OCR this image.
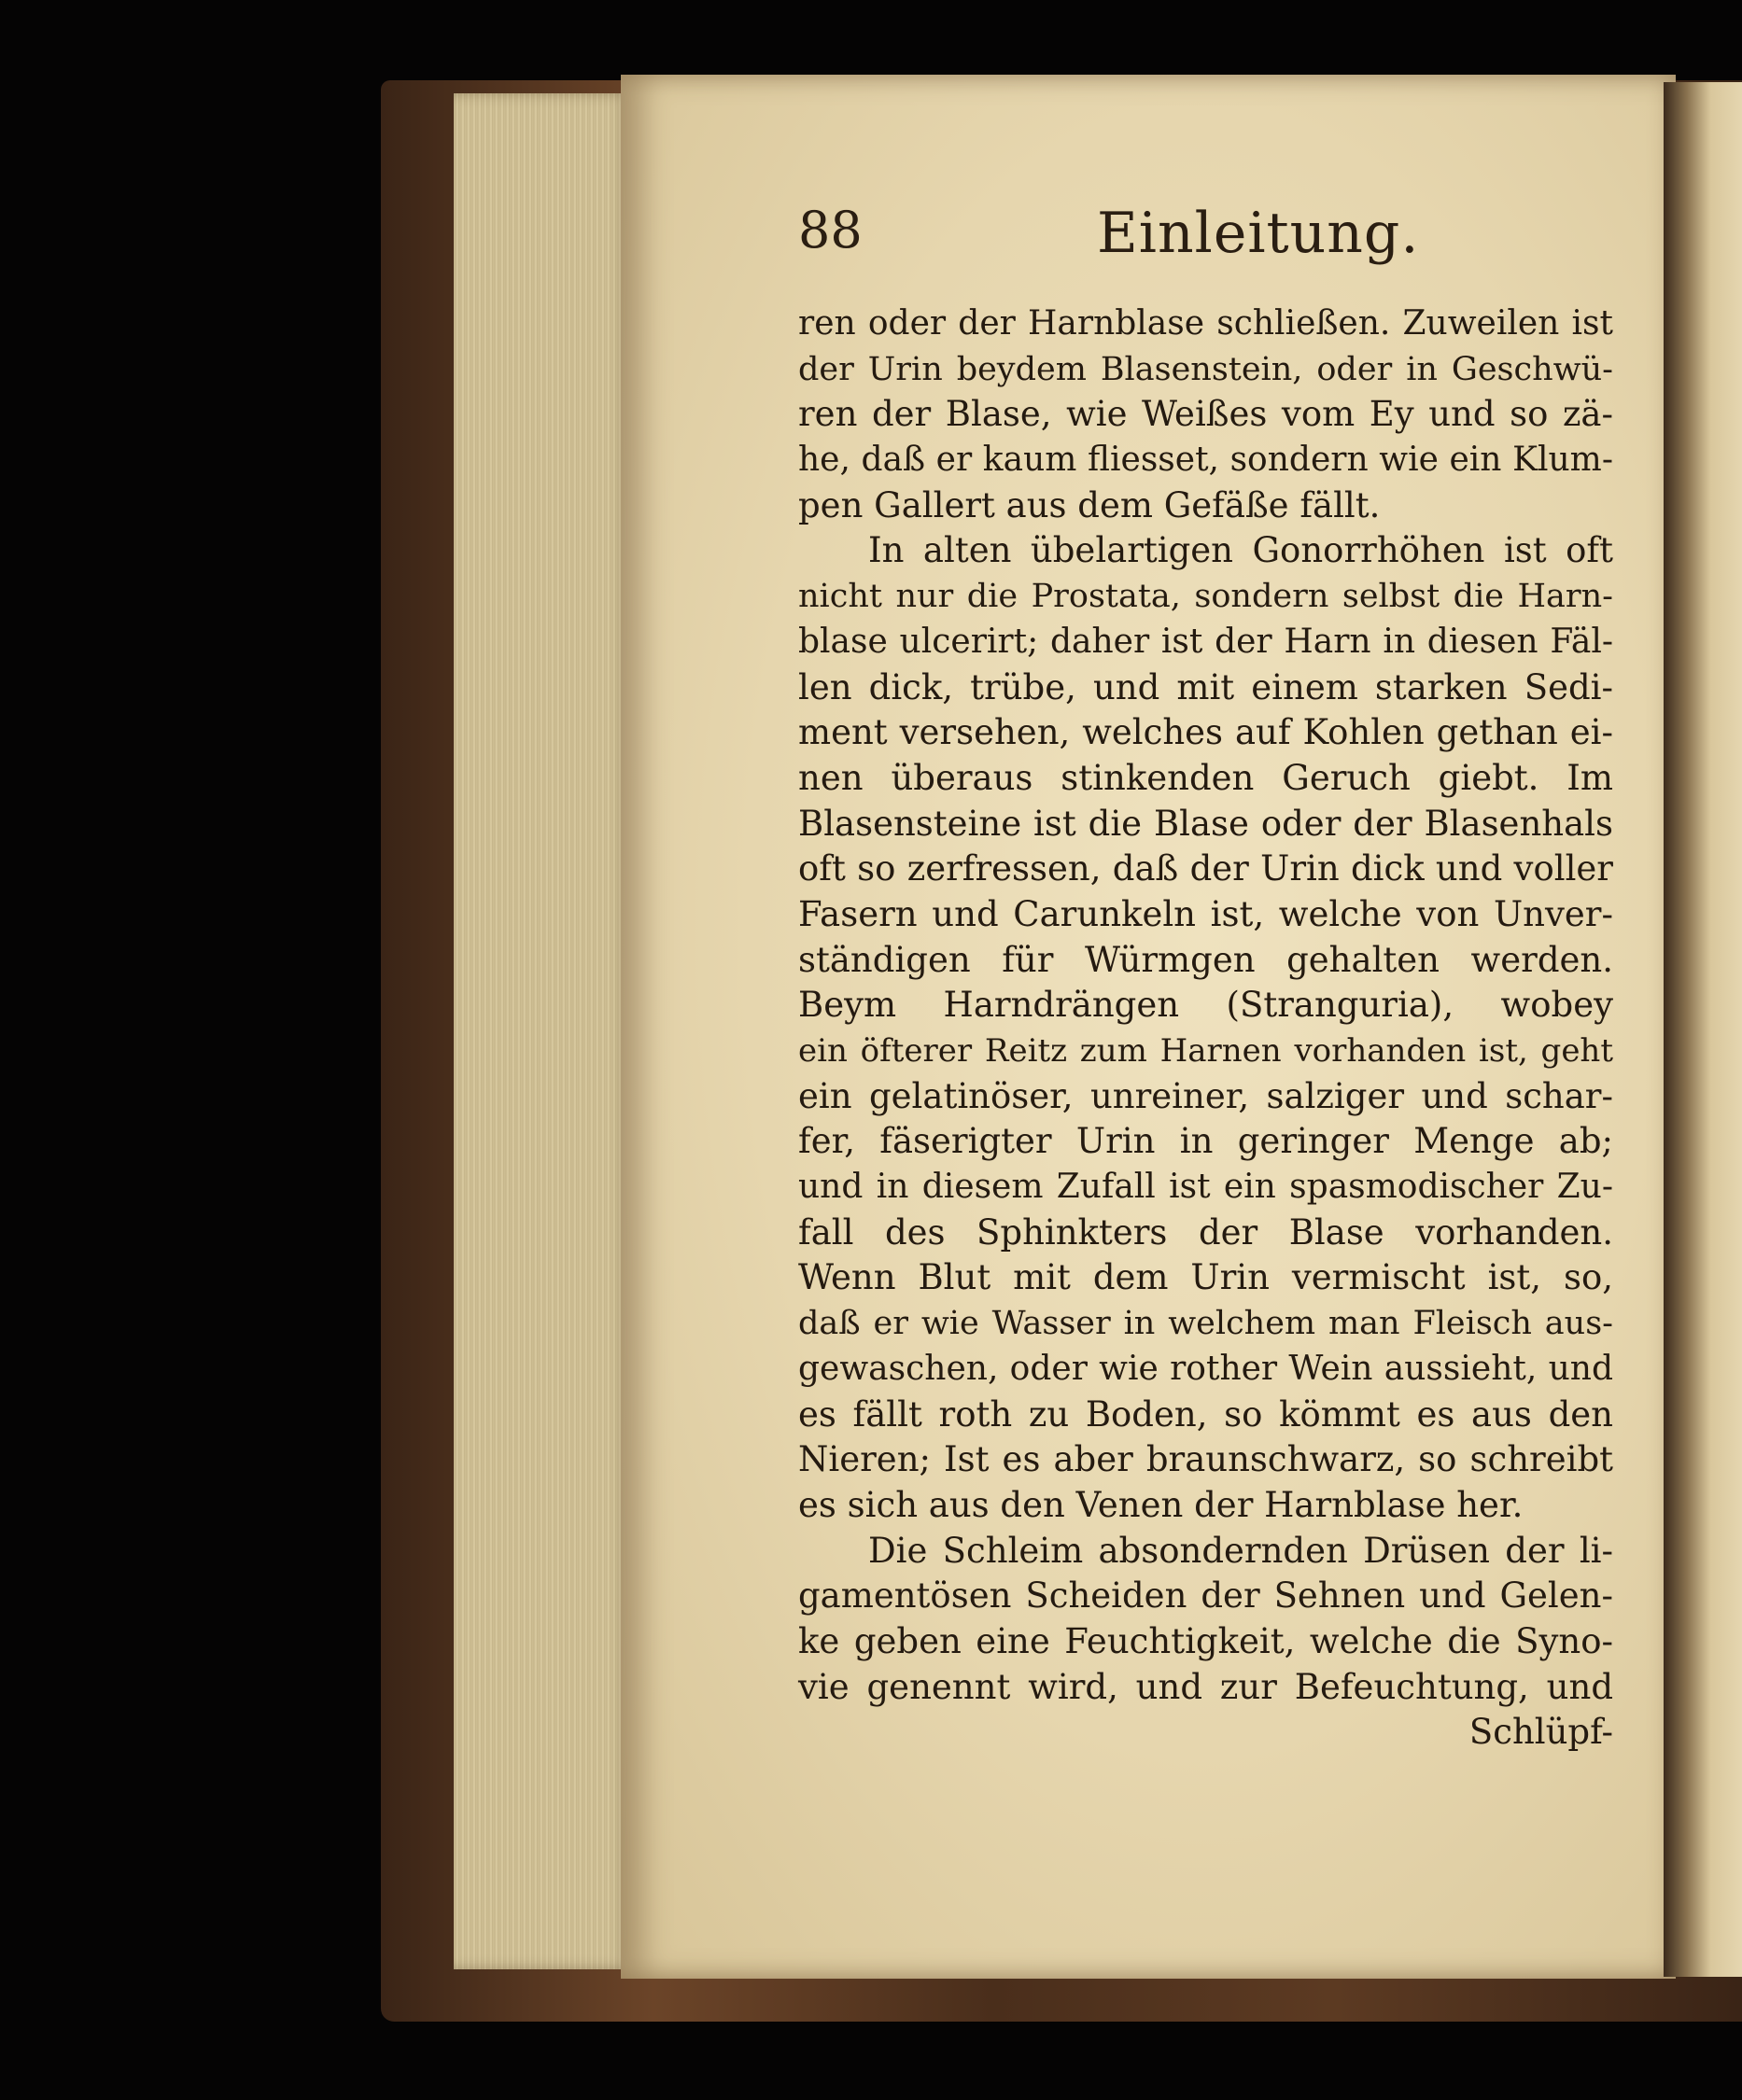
88	Einleitung.
ren oder der Harnblase schließen. Zuweilen ist
der Urin beydem Blasenstein, oder in Geschwü-
ren der Blase, wie Weißes vom Ey und so zä-
he, daß er kaum fliesset, sondern wie ein Klum-
pen Gallert aus dem Gefäße fällt.
In alten übelartigen Gonorrhöhen ist oft
nicht nur die Prostata, sondern selbst die Harn-
blase ulcerirt; daher ist der Harn in diesen Fäl-
len dick, trübe, und mit einem starken Sedi-
ment versehen, welches auf Kohlen gethan ei-
nen überaus stinkenden Geruch giebt. Im
Blasensteine ist die Blase oder der Blasenhals
oft so zerfressen, daß der Urin dick und voller
Fasern und Carunkeln ist, welche von Unver-
ständigen für Würmgen gehalten werden.
Beym Harndrängen (Stranguria), wobey
ein öfterer Reitz zum Harnen vorhanden ist, geht
ein gelatinöser, unreiner, salziger und schar-
fer, fäserigter Urin in geringer Menge ab;
und in diesem Zufall ist ein spasmodischer Zu-
fall des Sphinkters der Blase vorhanden.
Wenn Blut mit dem Urin vermischt ist, so,
daß er wie Wasser in welchem man Fleisch aus-
gewaschen, oder wie rother Wein aussieht, und
es fällt roth zu Boden, so kömmt es aus den
Nieren; Ist es aber braunschwarz, so schreibt
es sich aus den Venen der Harnblase her.
Die Schleim absondernden Drüsen der li-
gamentösen Scheiden der Sehnen und Gelen-
ke geben eine Feuchtigkeit, welche die Syno-
vie genennt wird, und zur Befeuchtung, und
Schlüpf-
